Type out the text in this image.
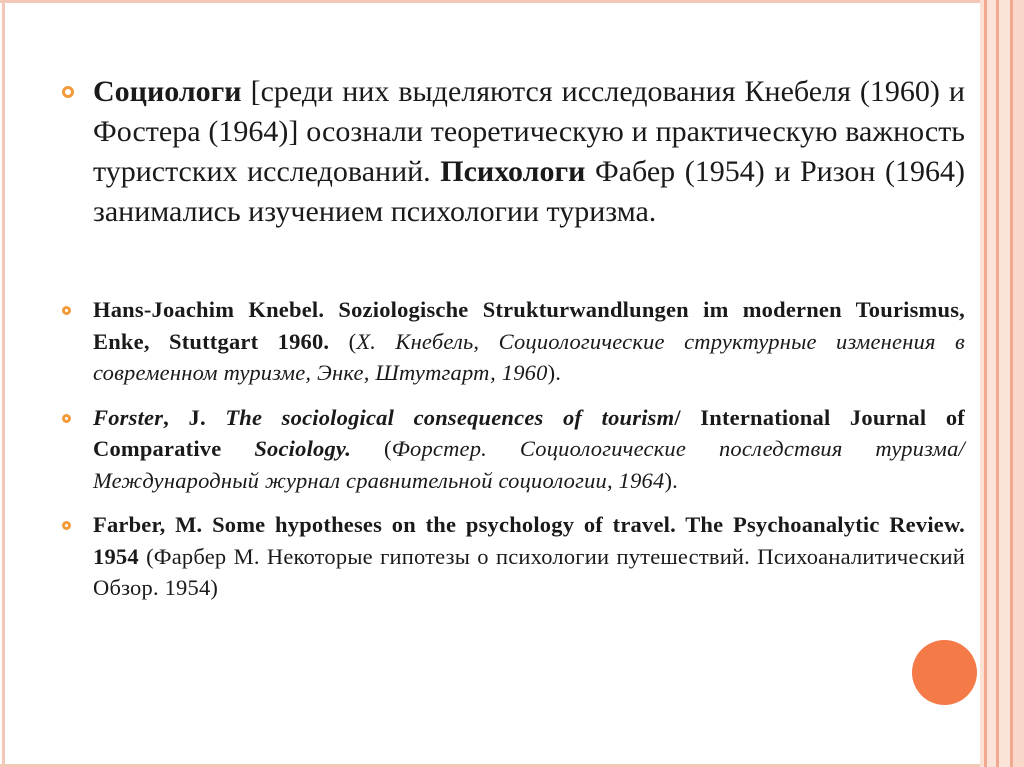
Социологи [среди них выделяются исследования Кнебеля (1960) и Фостера (1964)] осознали теоретическую и практическую важность туристских исследований. Психологи Фабер (1954) и Ризон (1964) занимались изучением психологии туризма.
Hans-Joachim Knebel. Soziologische Strukturwandlungen im modernen Tourismus, Enke, Stuttgart 1960. (Х. Кнебель, Социологические структурные изменения в современном туризме, Энке, Штутгарт, 1960).
Forster, J. The sociological consequences of tourism/ International Journal of Comparative Sociology. (Форстер. Социологические последствия туризма/ Международный журнал сравнительной социологии, 1964).
Farber, M. Some hypotheses on the psychology of travel. The Psychoanalytic Review. 1954 (Фарбер М. Некоторые гипотезы о психологии путешествий. Психоаналитический Обзор. 1954)
